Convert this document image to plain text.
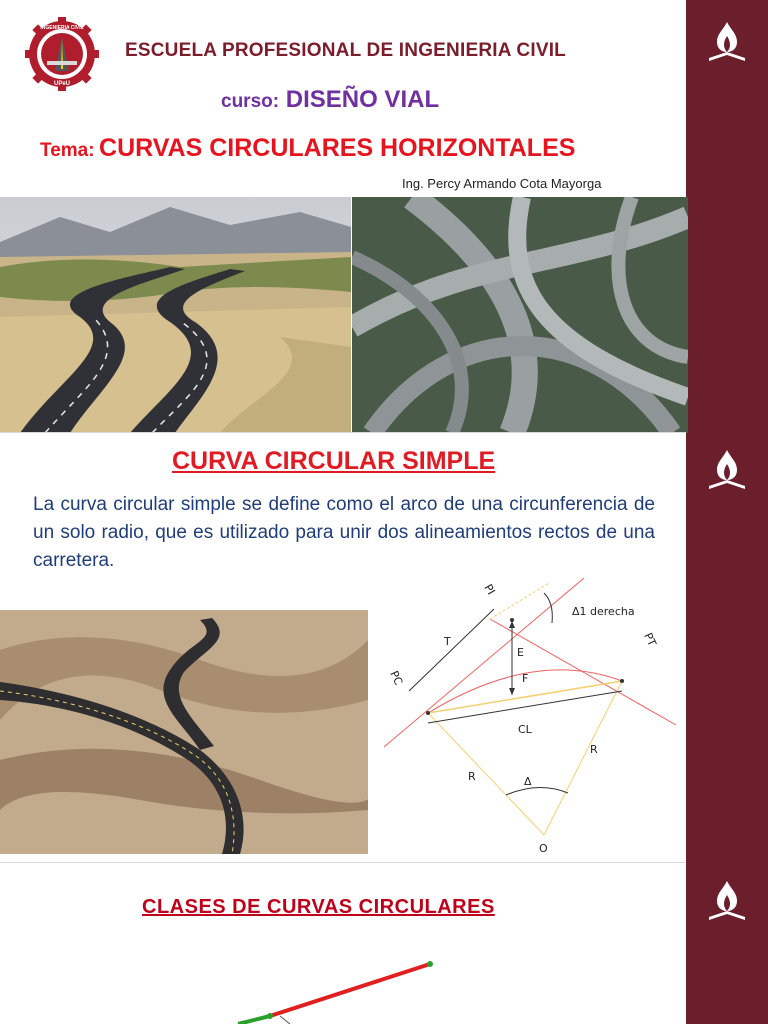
INGENIERIA CIVIL
UPeU
ESCUELA PROFESIONAL DE INGENIERIA CIVIL
curso: DISEÑO VIAL
Tema: CURVAS CIRCULARES HORIZONTALES
Ing. Percy Armando Cota Mayorga
CURVA CIRCULAR SIMPLE
La curva circular simple se define como el arco de una circunferencia de un solo radio, que es utilizado para unir dos alineamientos rectos de una carretera.
PI
PC
PT
T
E
F
CL
R
R
Δ
O
Δ1 derecha
CLASES DE CURVAS CIRCULARES
